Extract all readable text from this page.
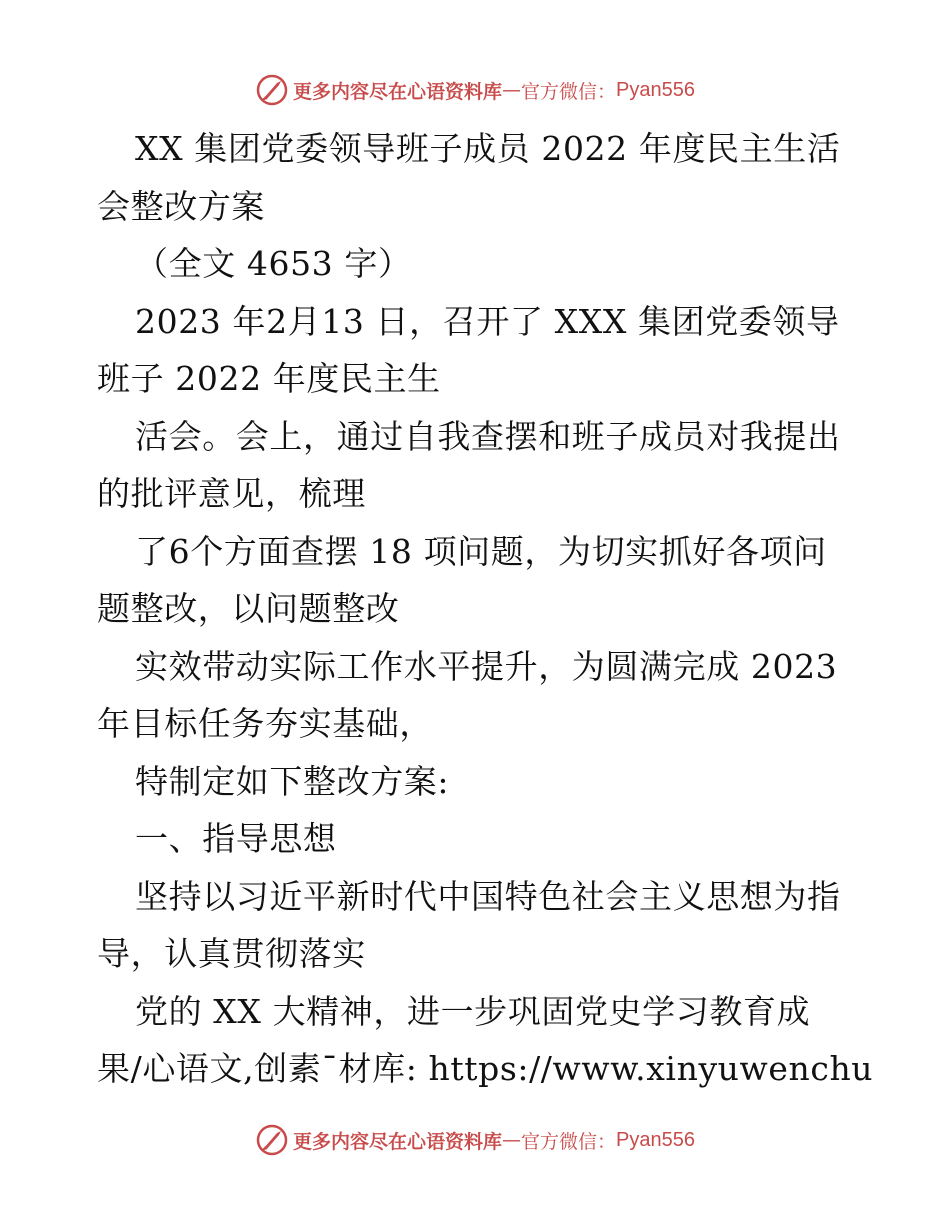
更多内容尽在心语资料库 — 官方微信： Pyan556
XX 集团党委领导班子成员 2022 年度民主生活
会整改方案
（全文 4653 字）
2023 年2月13 日，召开了 XXX 集团党委领导
班子 2022 年度民主生
活会。会上，通过自我查摆和班子成员对我提出
的批评意见，梳理
了6个方面查摆 18 项问题，为切实抓好各项问
题整改，以问题整改
实效带动实际工作水平提升，为圆满完成 2023
年目标任务夯实基础，
特制定如下整改方案:
一、指导思想
坚持以习近平新时代中国特色社会主义思想为指
导，认真贯彻落实
党的 XX 大精神，进一步巩固党史学习教育成
果/心语文,创素¯材库: https://www.xinyuwenchu
更多内容尽在心语资料库 — 官方微信： Pyan556
